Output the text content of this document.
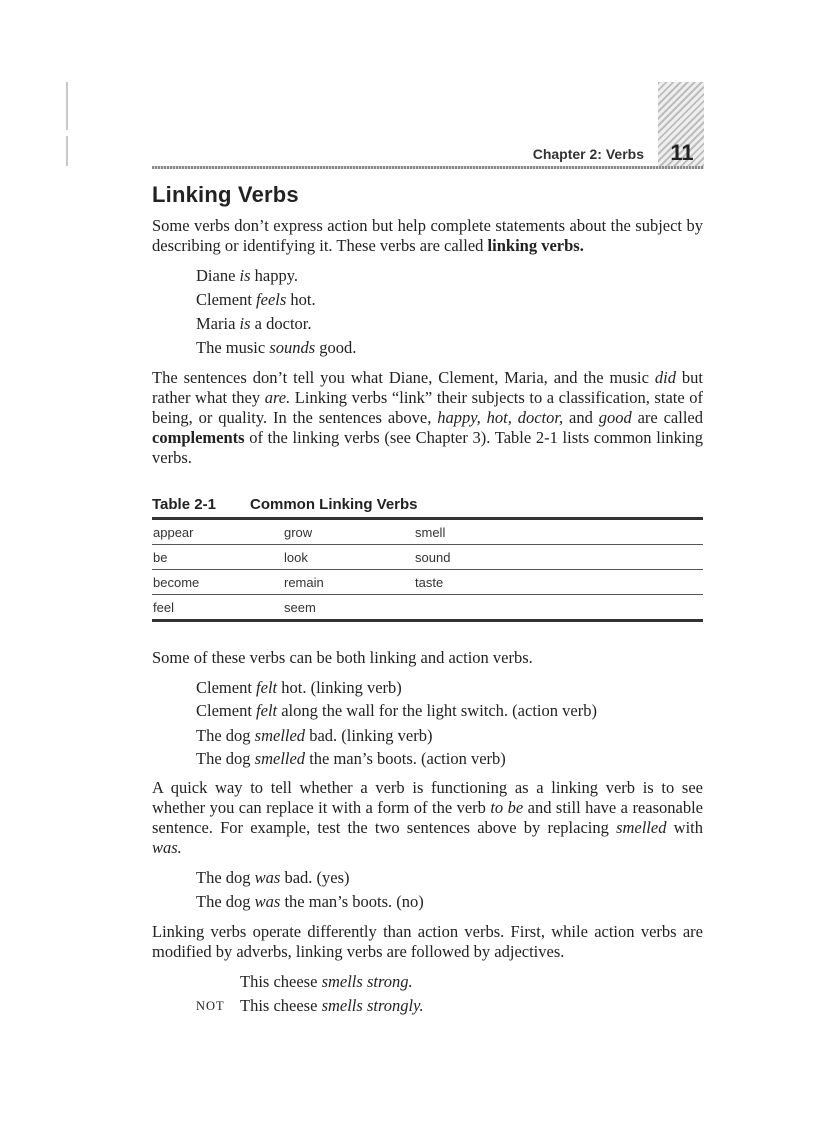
Chapter 2: Verbs	11
Linking Verbs

Some verbs don’t express action but help complete statements about the subject by describing or identifying it. These verbs are called linking verbs.

Diane is happy.
Clement feels hot.
Maria is a doctor.
The music sounds good.

The sentences don’t tell you what Diane, Clement, Maria, and the music did but rather what they are. Linking verbs “link” their subjects to a classification, state of being, or quality. In the sentences above, happy, hot, doctor, and good are called complements of the linking verbs (see Chapter 3). Table 2-1 lists common linking verbs.

Table 2-1 Common Linking Verbs
appear	grow	smell
be	look	sound
become	remain	taste
feel	seem	

Some of these verbs can be both linking and action verbs.

Clement felt hot. (linking verb)
Clement felt along the wall for the light switch. (action verb)
The dog smelled bad. (linking verb)
The dog smelled the man’s boots. (action verb)

A quick way to tell whether a verb is functioning as a linking verb is to see whether you can replace it with a form of the verb to be and still have a reasonable sentence. For example, test the two sentences above by replacing smelled with was.

The dog was bad. (yes)
The dog was the man’s boots. (no)

Linking verbs operate differently than action verbs. First, while action verbs are modified by adverbs, linking verbs are followed by adjectives.

This cheese smells strong.
NOT This cheese smells strongly.
